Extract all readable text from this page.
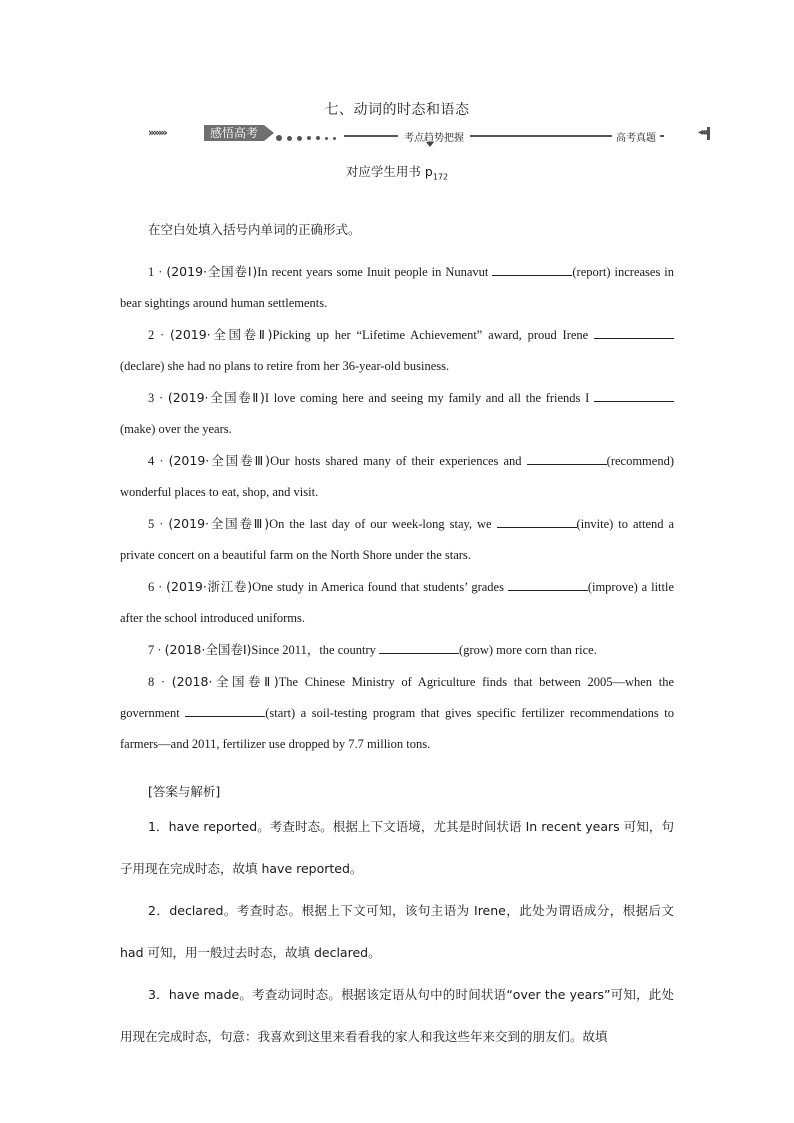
七、动词的时态和语态
›››››››	感悟高考	考点趋势把握	高考真题
◂◂◂◂
对应学生用书 $p_{172}$

在空白处填入括号内单词的正确形式。

1 · (2019·全国卷Ⅰ)In recent years some Inuit people in Nunavut	(report) increases in bear sightings around human settlements.

2 · (2019·全国卷Ⅱ)Picking up her “Lifetime Achievement” award, proud Irene (declare) she had no plans to retire from her 36-year-old business.

3 · (2019·全国卷Ⅱ)I love coming here and seeing my family and all the friends I (make) over the years.

4 · (2019·全国卷Ⅲ)Our hosts shared many of their experiences and	(recommend) wonderful places to eat, shop, and visit.

5 · (2019·全国卷Ⅲ)On the last day of our week-long stay, we	(invite) to attend a private concert on a beautiful farm on the North Shore under the stars.

6 · (2019·浙江卷)One study in America found that students’ grades	(improve) a little after the school introduced uniforms.

7 · (2018·全国卷Ⅰ)Since 2011，the country	(grow) more corn than rice.

8 · (2018·全国卷Ⅱ)The Chinese Ministry of Agriculture finds that between 2005—when the government	(start) a soil-testing program that gives specific fertilizer recommendations to farmers—and 2011, fertilizer use dropped by 7.7 million tons.

[答案与解析]

1．have reported。考查时态。根据上下文语境，尤其是时间状语 In recent years 可知，句子用现在完成时态，故填 have reported。

2．declared。考查时态。根据上下文可知，该句主语为 Irene，此处为谓语成分，根据后文 had 可知，用一般过去时态，故填 declared。

3．have made。考查动词时态。根据该定语从句中的时间状语“over the years”可知，此处用现在完成时态，句意：我喜欢到这里来看看我的家人和我这些年来交到的朋友们。故填
